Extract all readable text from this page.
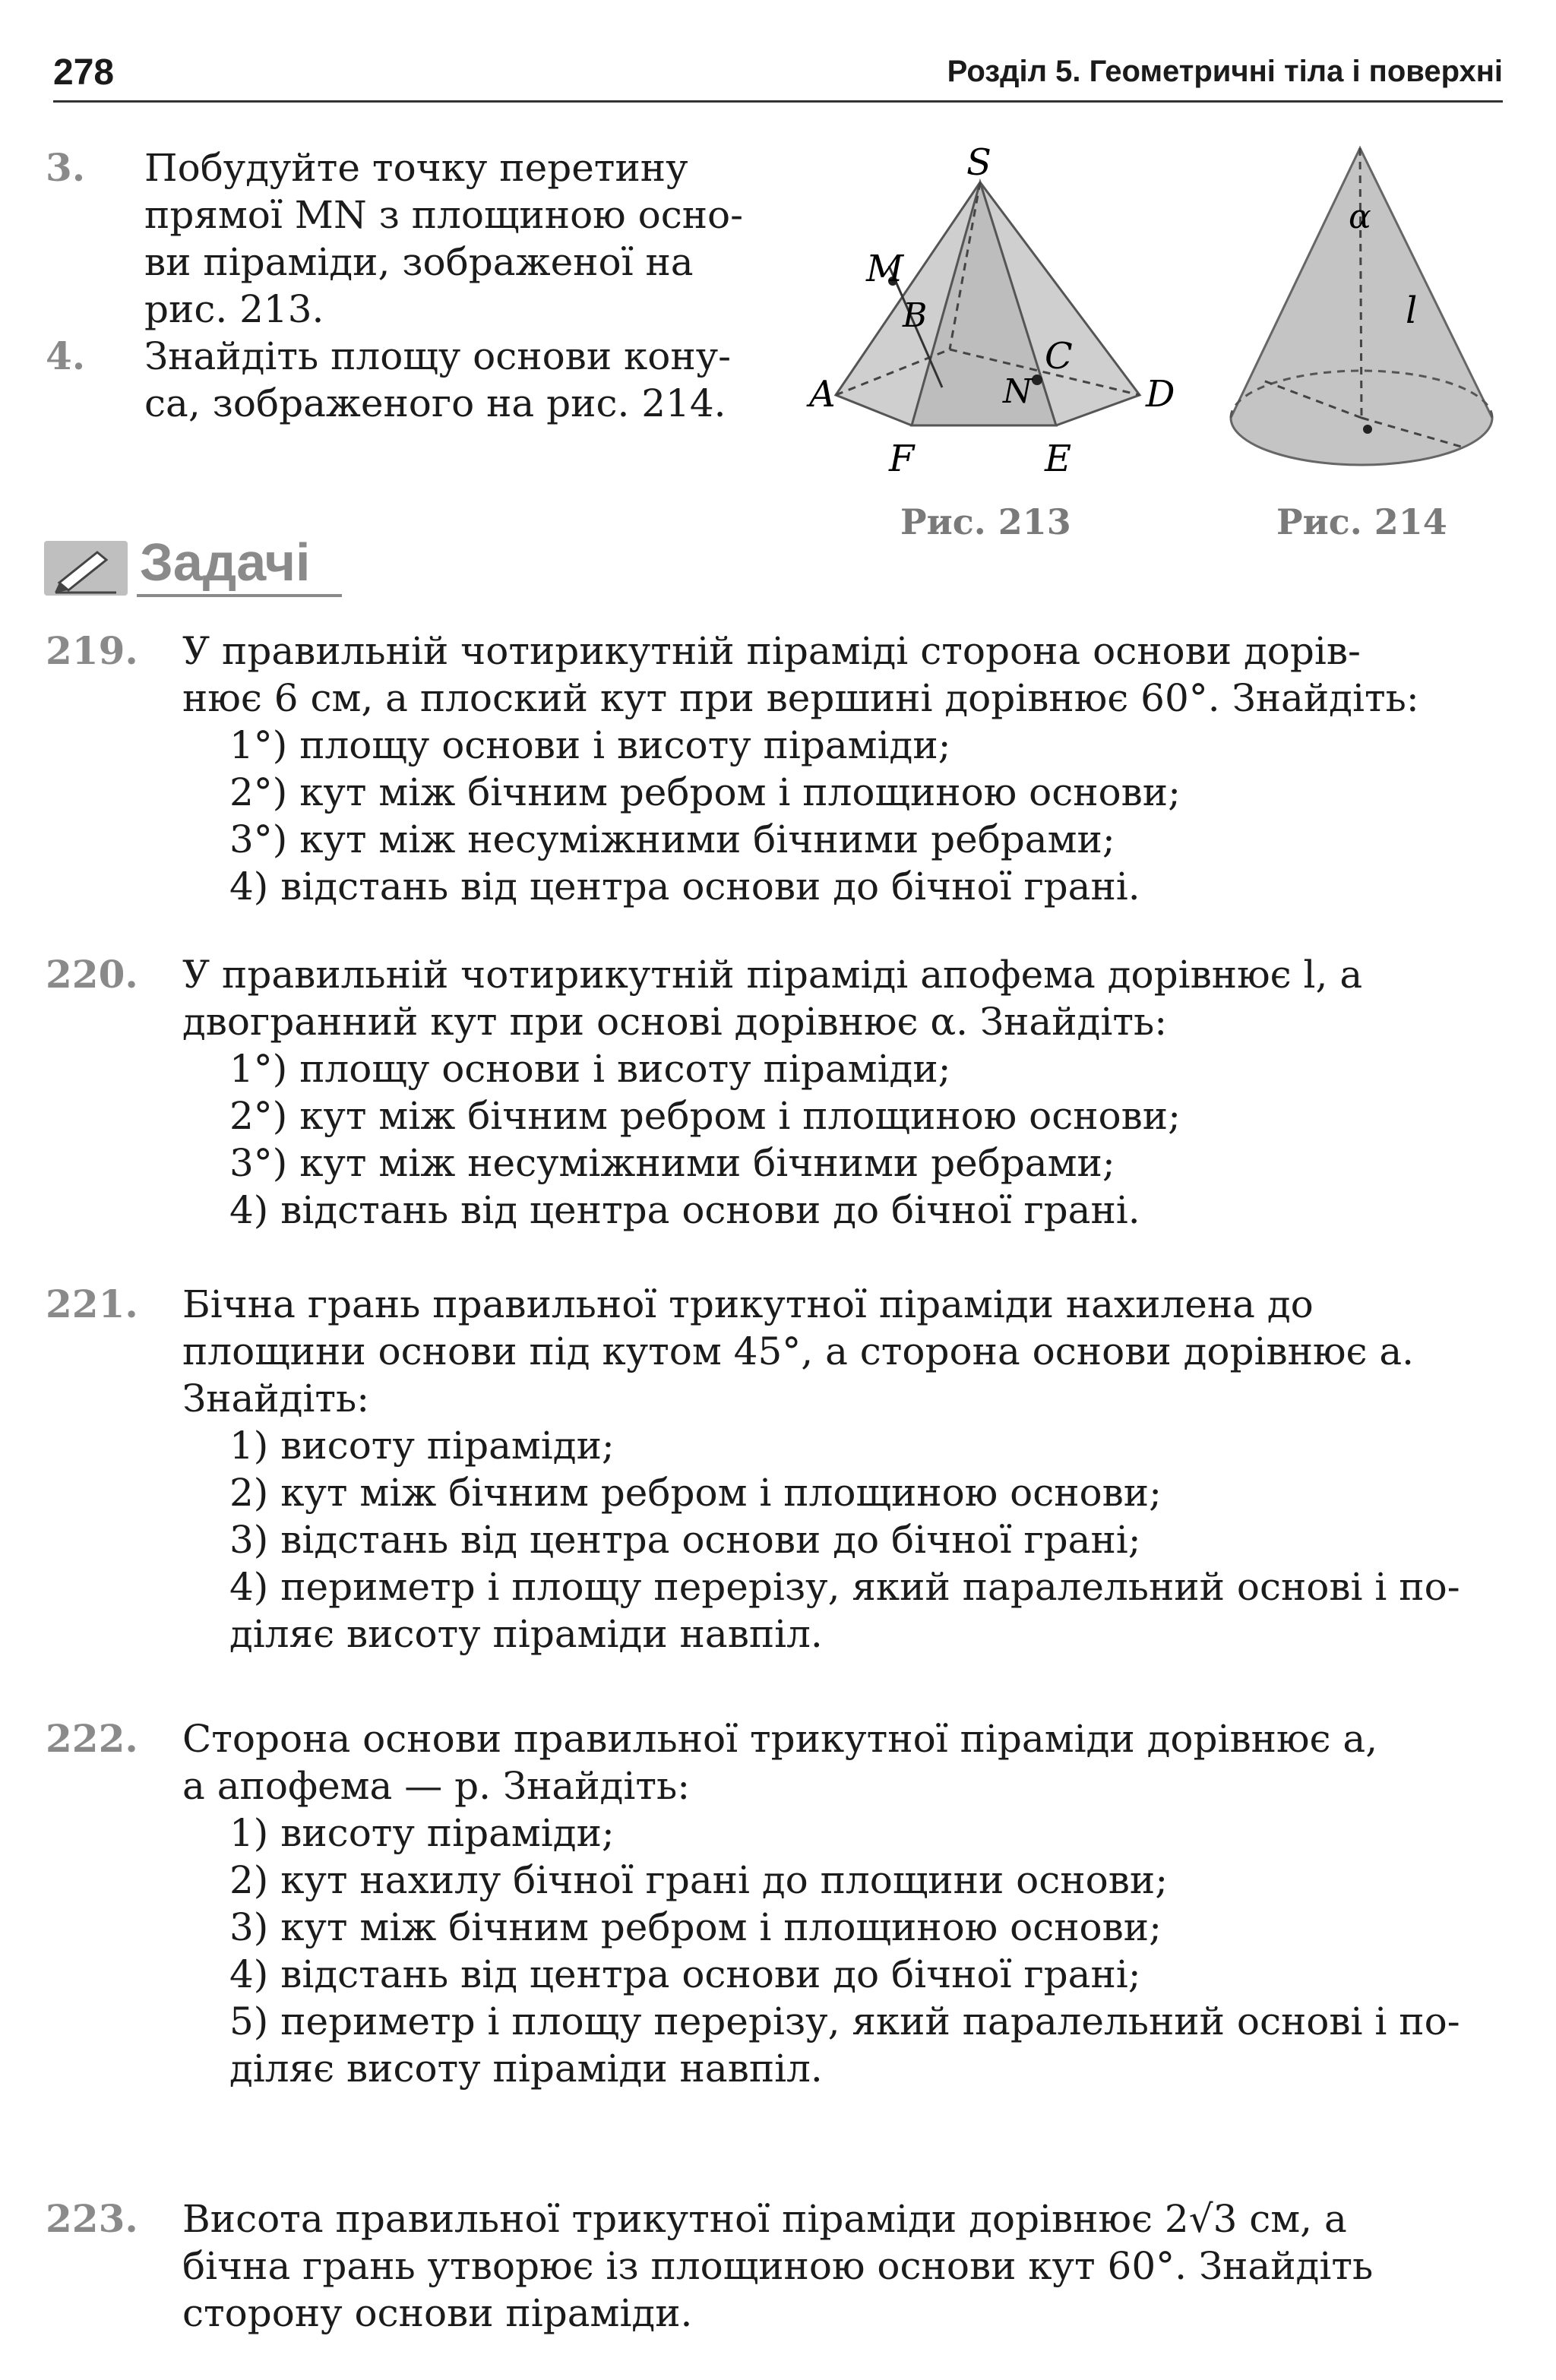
278	Розділ 5. Геометричні тіла і поверхні
3. Побудуйте точку перетину
прямої MN з площиною осно-
ви піраміди, зображеної на
рис. 213.
4. Знайдіть площу основи кону-
са, зображеного на рис. 214.
S
M
B
A	N
C
D
F	E
Рис. 213
α
l
Рис. 214
Задачі
219.	У правильній чотирикутній піраміді сторона основи дорів-
нює 6 см, а плоский кут при вершині дорівнює 60°. Знайдіть:
1°) площу основи і висоту піраміди;
2°) кут між бічним ребром і площиною основи;
3°) кут між несуміжними бічними ребрами;
4) відстань від центра основи до бічної грані.
220.	У правильній чотирикутній піраміді апофема дорівнює l, а
двогранний кут при основі дорівнює α. Знайдіть:
1°) площу основи і висоту піраміди;
2°) кут між бічним ребром і площиною основи;
3°) кут між несуміжними бічними ребрами;
4) відстань від центра основи до бічної грані.
221.	Бічна грань правильної трикутної піраміди нахилена до
площини основи під кутом 45°, а сторона основи дорівнює a.
Знайдіть:
1) висоту піраміди;
2) кут між бічним ребром і площиною основи;
3) відстань від центра основи до бічної грані;
4) периметр і площу перерізу, який паралельний основі і по-
діляє висоту піраміди навпіл.
222.	Сторона основи правильної трикутної піраміди дорівнює a,
а апофема — p. Знайдіть:
1) висоту піраміди;
2) кут нахилу бічної грані до площини основи;
3) кут між бічним ребром і площиною основи;
4) відстань від центра основи до бічної грані;
5) периметр і площу перерізу, який паралельний основі і по-
діляє висоту піраміди навпіл.
223.	Висота правильної трикутної піраміди дорівнює 2√3 см, а
бічна грань утворює із площиною основи кут 60°. Знайдіть
сторону основи піраміди.
